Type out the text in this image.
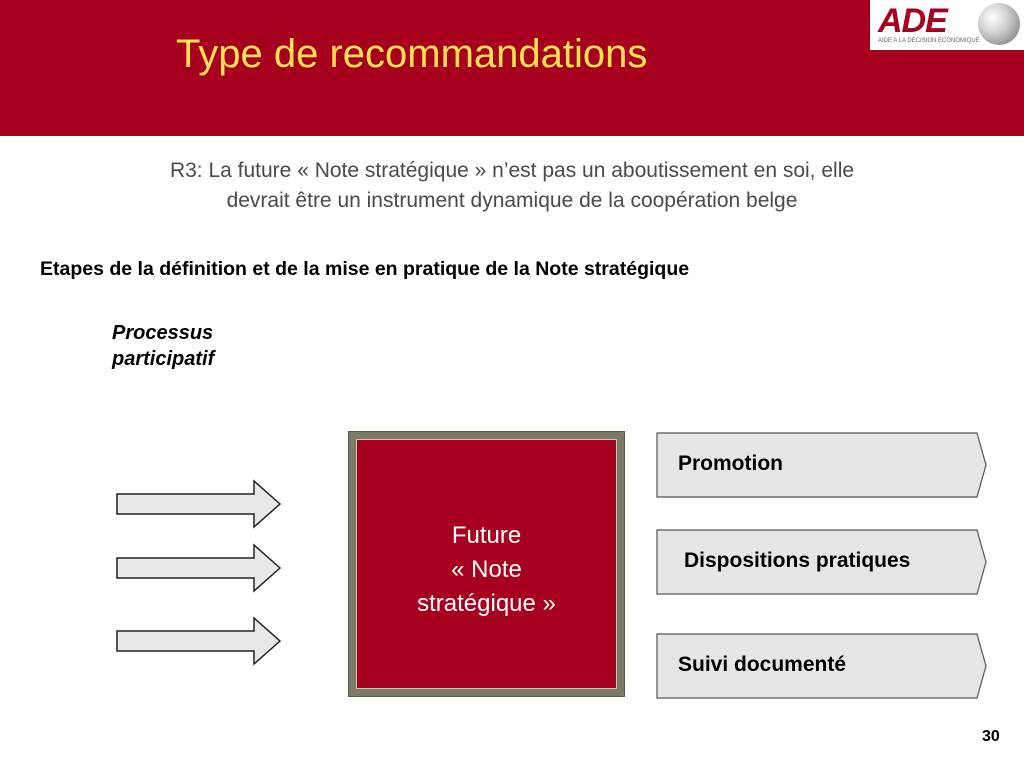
Type de recommandations
ADE
AIDE A LA DECISION ECONOMIQUE
R3: La future « Note stratégique » n’est pas un aboutissement en soi, elle
devrait être un instrument dynamique de la coopération belge
Etapes de la définition et de la mise en pratique de la Note stratégique
Processus
participatif
Future
« Note
stratégique »
Promotion
Dispositions pratiques
Suivi documenté
30
